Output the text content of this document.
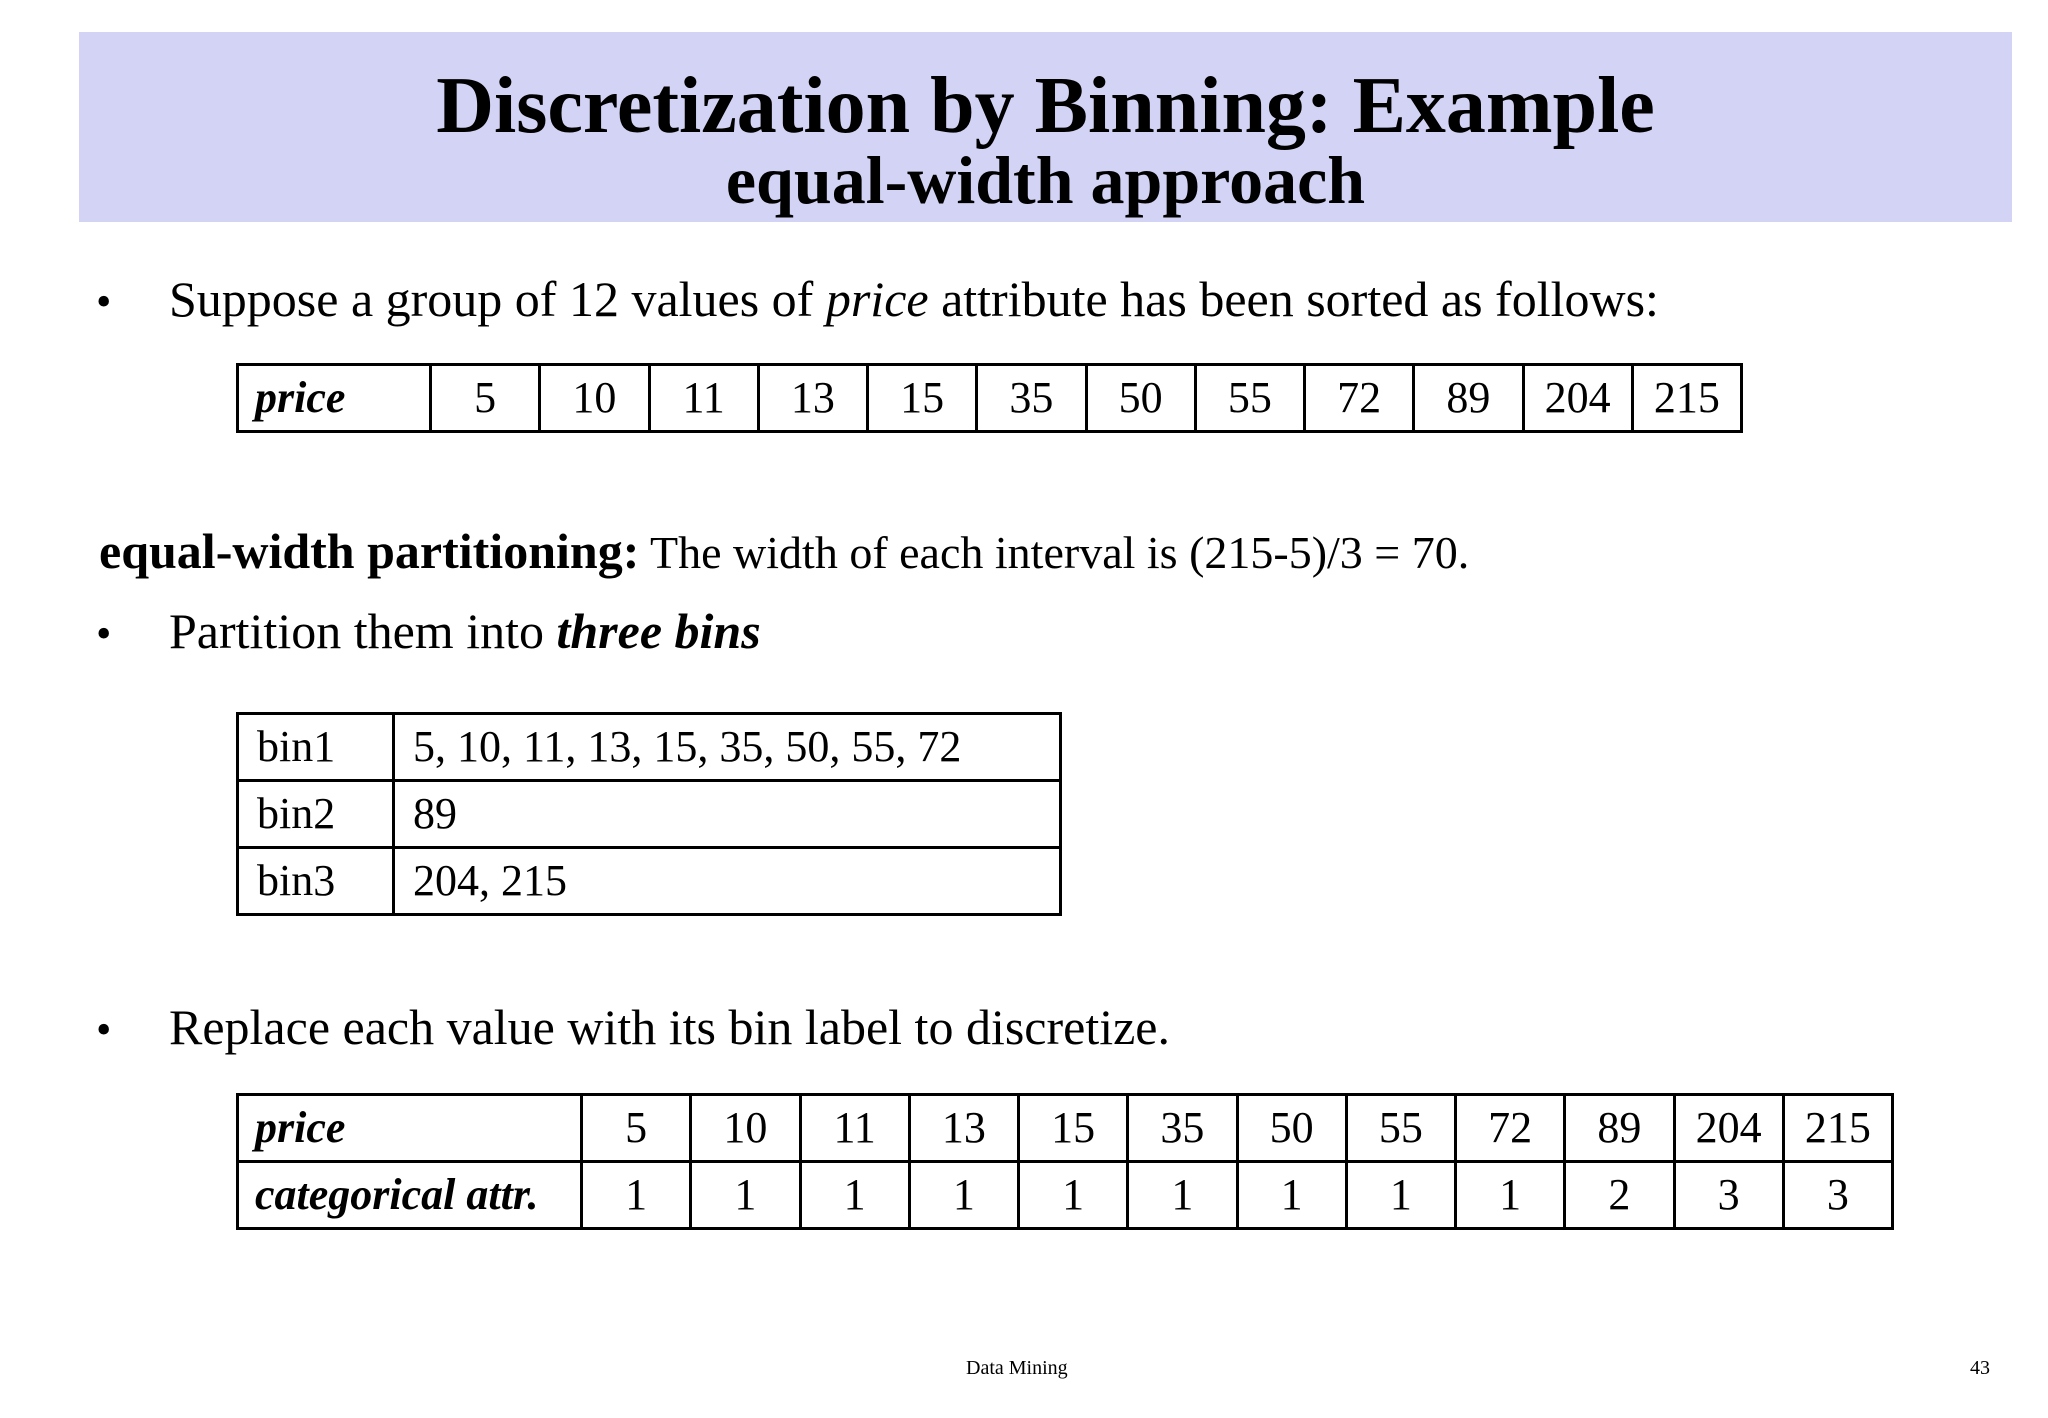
Discretization by Binning: Example
equal-width approach
• Suppose a group of 12 values of price attribute has been sorted as follows:
price	5	10	11	13	15	35	50	55	72	89	204	215
equal-width partitioning: The width of each interval is (215-5)/3 = 70.
• Partition them into three bins
bin1	5, 10, 11, 13, 15, 35, 50, 55, 72
bin2	89
bin3	204, 215
• Replace each value with its bin label to discretize.
price	5	10	11	13	15	35	50	55	72	89	204	215
categorical attr.	1	1	1	1	1	1	1	1	1	2	3	3
Data Mining	43
